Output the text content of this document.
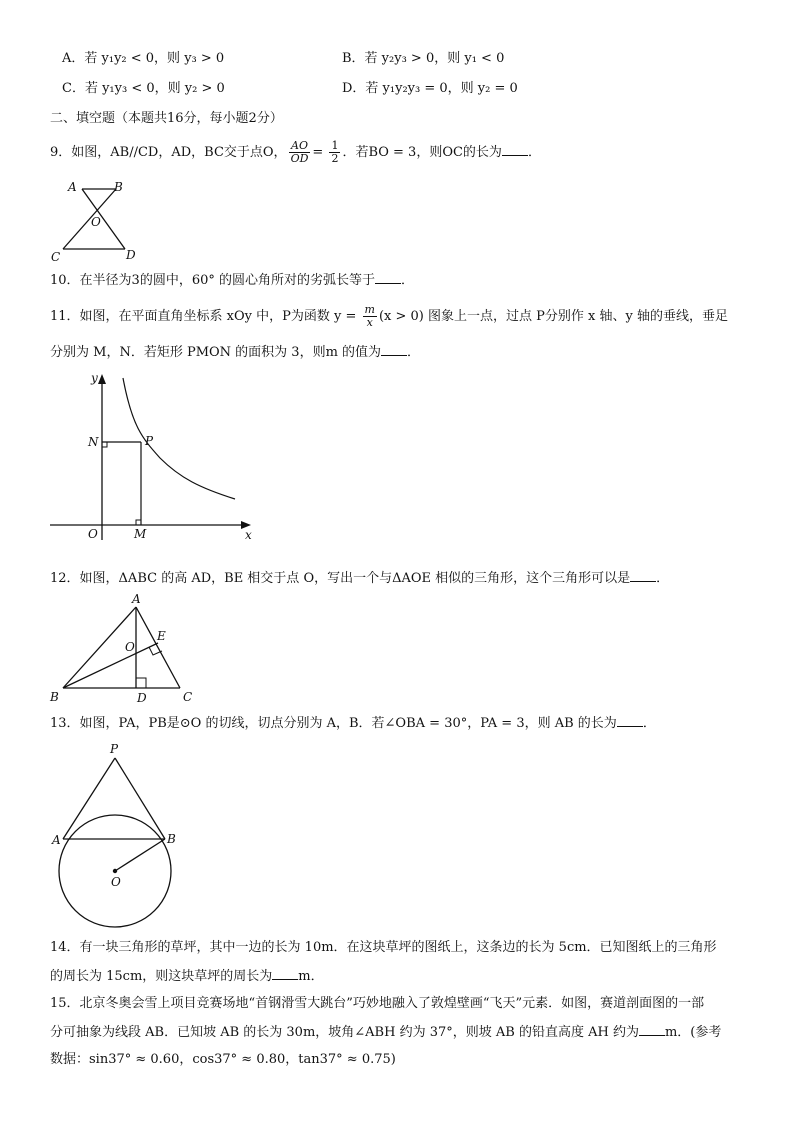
A．若 y₁y₂ < 0，则 y₃ > 0	B．若 y₂y₃ > 0，则 y₁ < 0
C．若 y₁y₃ < 0，则 y₂ > 0	D．若 y₁y₂y₃ = 0，则 y₂ = 0
二、填空题（本题共16分，每小题2分）
9．如图，AB//CD，AD，BC交于点O， $\frac{AO}{OD} = \frac{1}{2}$ ．若BO = 3，则OC的长为 ．
A	B
O
C	D
10．在半径为3的圆中，60° 的圆心角所对的劣弧长等于 ．
11．如图，在平面直角坐标系 xOy 中，P为函数 $y = \frac{m}{x} (x > 0)$ 图象上一点，过点 P分别作 x 轴、y 轴的垂线，垂足
分别为 M，N．若矩形 PMON 的面积为 3，则m 的值为 ．
y
N	P
O	M	x
12．如图，ΔABC 的高 AD，BE 相交于点 O，写出一个与ΔAOE 相似的三角形，这个三角形可以是 ．
A
E
O
B	D	C
13．如图，PA，PB是⊙O 的切线，切点分别为 A，B．若∠OBA = 30°，PA = 3，则 AB 的长为 ．
P
A	B
O
14．有一块三角形的草坪，其中一边的长为 10m．在这块草坪的图纸上，这条边的长为 5cm．已知图纸上的三角形
的周长为 15cm，则这块草坪的周长为 m．
15．北京冬奥会雪上项目竞赛场地“首钢滑雪大跳台”巧妙地融入了敦煌壁画“飞天”元素．如图，赛道剖面图的一部
分可抽象为线段 AB．已知坡 AB 的长为 30m，坡角∠ABH 约为 37°，则坡 AB 的铅直高度 AH 约为 m．(参考
数据：sin37° ≈ 0.60，cos37° ≈ 0.80，tan37° ≈ 0.75)
